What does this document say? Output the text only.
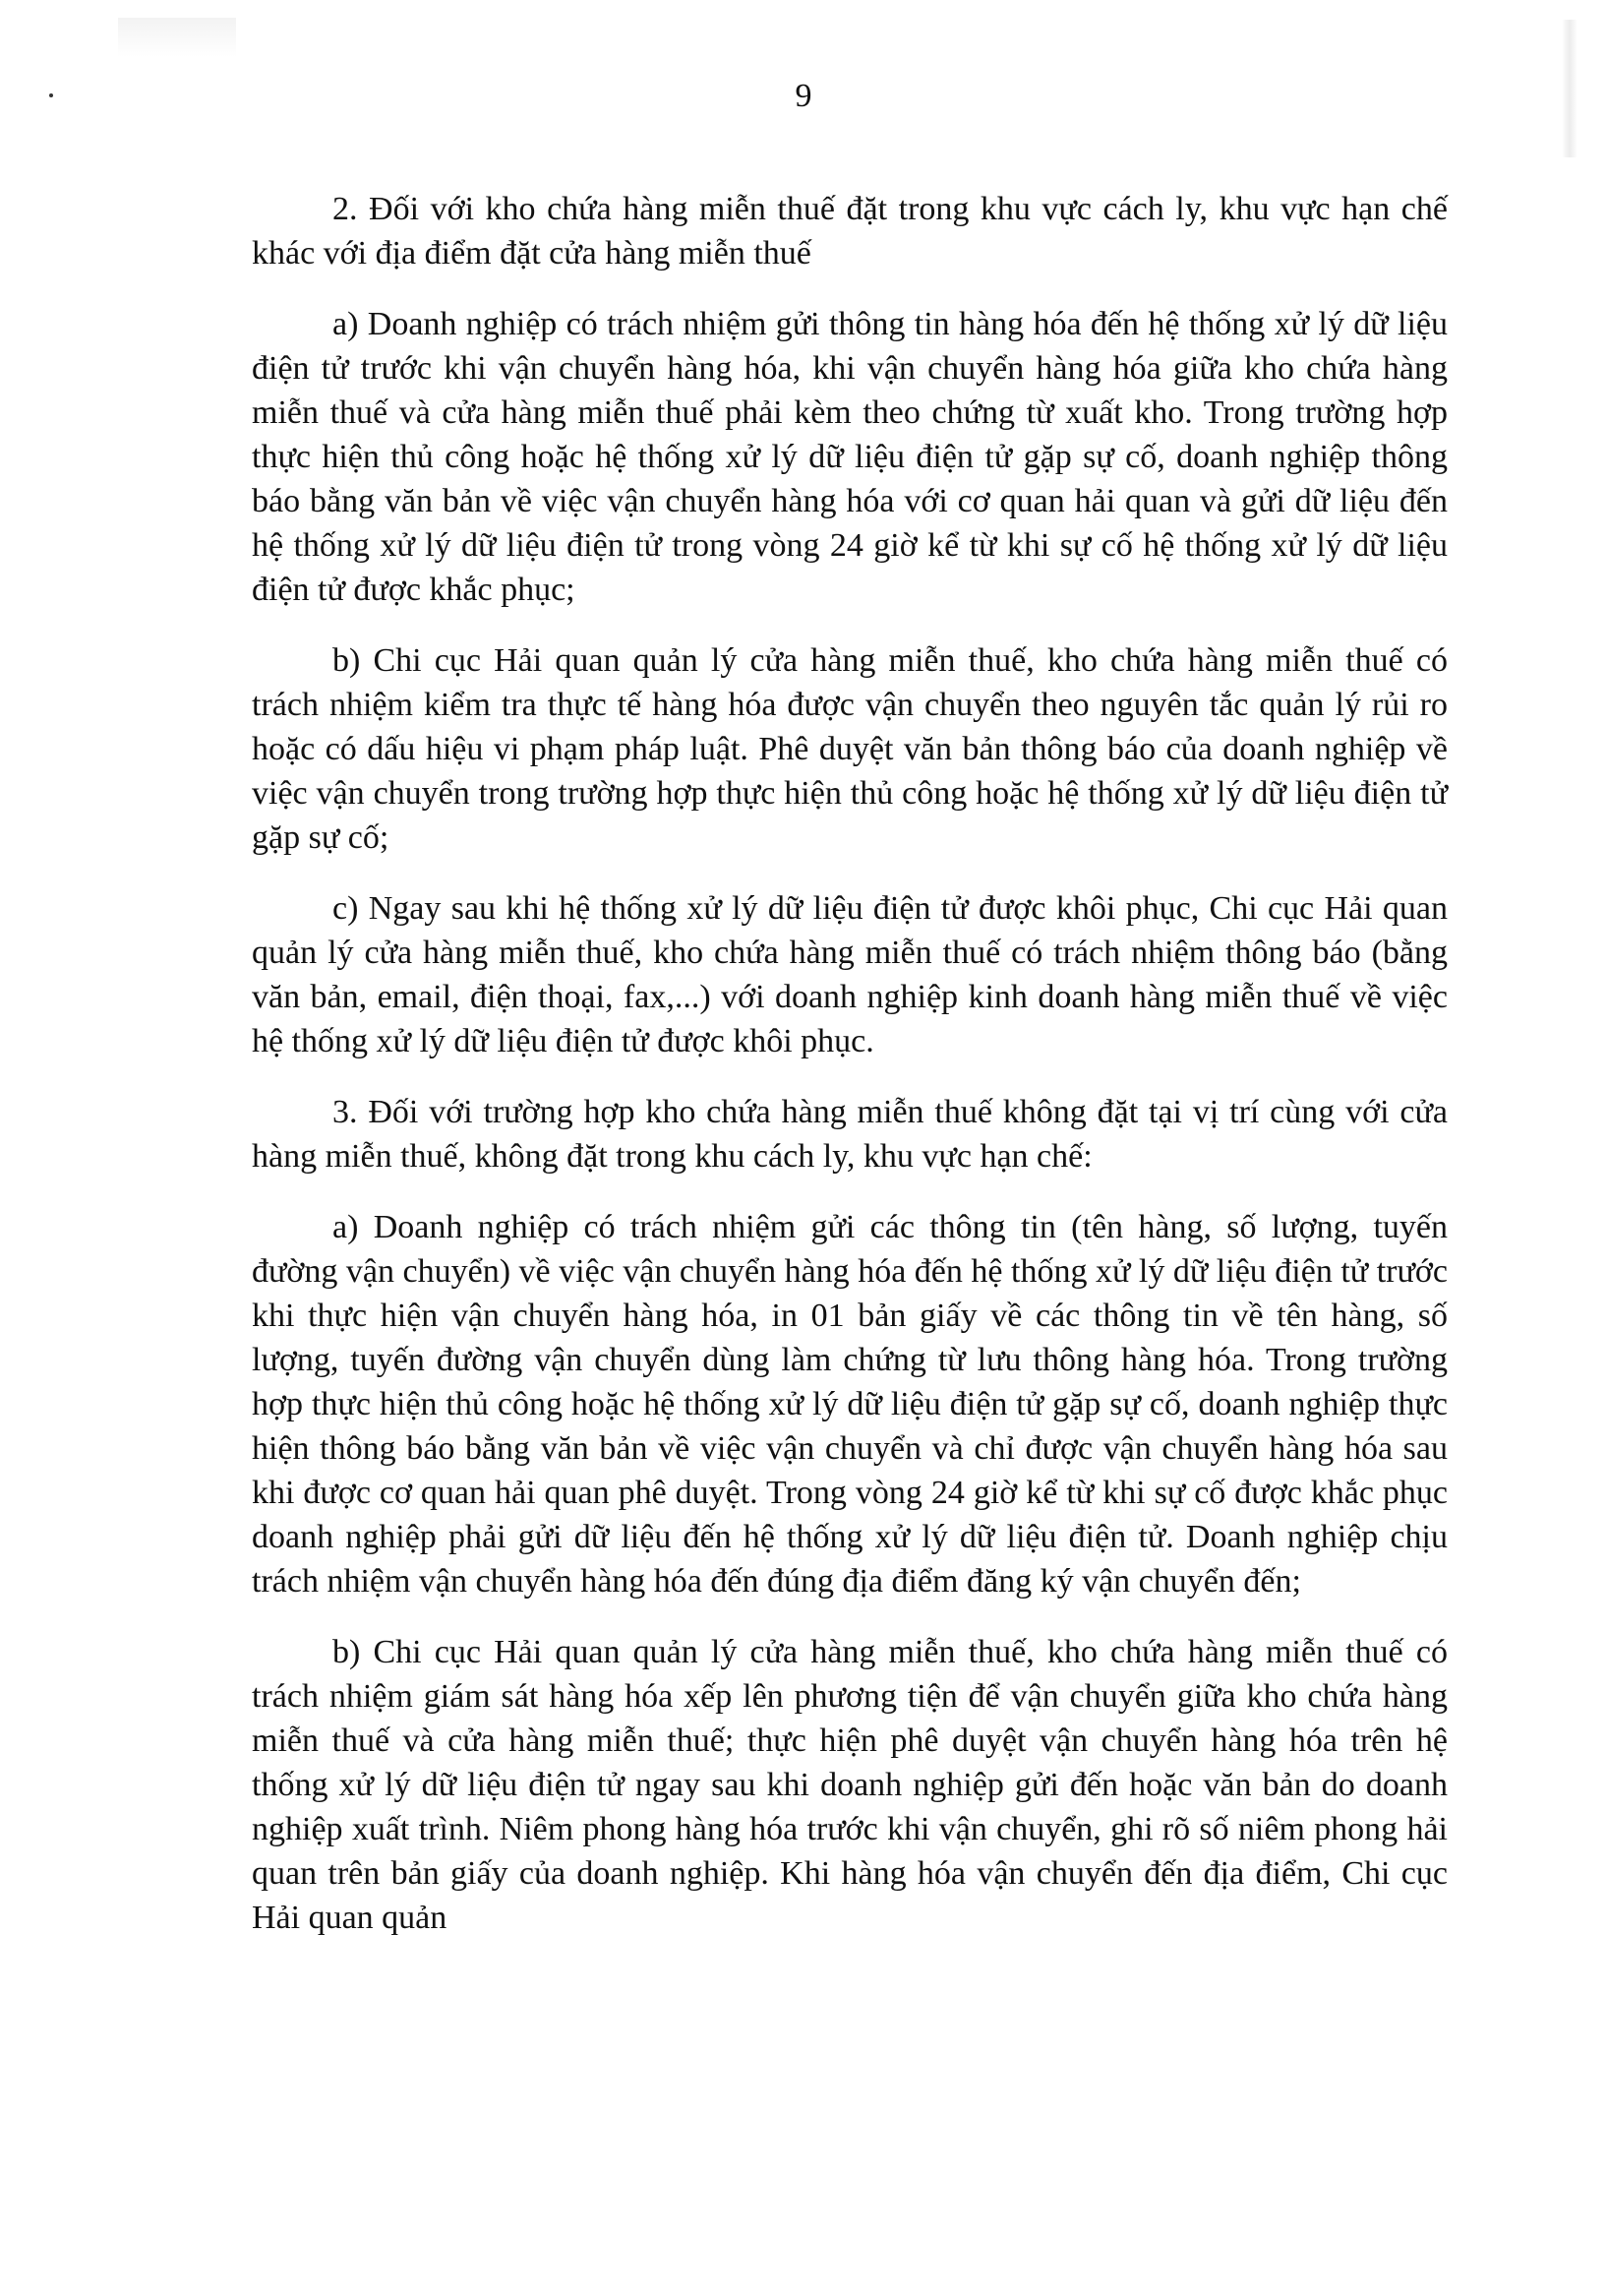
9

2. Đối với kho chứa hàng miễn thuế đặt trong khu vực cách ly, khu vực hạn chế khác với địa điểm đặt cửa hàng miễn thuế

a) Doanh nghiệp có trách nhiệm gửi thông tin hàng hóa đến hệ thống xử lý dữ liệu điện tử trước khi vận chuyển hàng hóa, khi vận chuyển hàng hóa giữa kho chứa hàng miễn thuế và cửa hàng miễn thuế phải kèm theo chứng từ xuất kho. Trong trường hợp thực hiện thủ công hoặc hệ thống xử lý dữ liệu điện tử gặp sự cố, doanh nghiệp thông báo bằng văn bản về việc vận chuyển hàng hóa với cơ quan hải quan và gửi dữ liệu đến hệ thống xử lý dữ liệu điện tử trong vòng 24 giờ kể từ khi sự cố hệ thống xử lý dữ liệu điện tử được khắc phục;

b) Chi cục Hải quan quản lý cửa hàng miễn thuế, kho chứa hàng miễn thuế có trách nhiệm kiểm tra thực tế hàng hóa được vận chuyển theo nguyên tắc quản lý rủi ro hoặc có dấu hiệu vi phạm pháp luật. Phê duyệt văn bản thông báo của doanh nghiệp về việc vận chuyển trong trường hợp thực hiện thủ công hoặc hệ thống xử lý dữ liệu điện tử gặp sự cố;

c) Ngay sau khi hệ thống xử lý dữ liệu điện tử được khôi phục, Chi cục Hải quan quản lý cửa hàng miễn thuế, kho chứa hàng miễn thuế có trách nhiệm thông báo (bằng văn bản, email, điện thoại, fax,...) với doanh nghiệp kinh doanh hàng miễn thuế về việc hệ thống xử lý dữ liệu điện tử được khôi phục.

3. Đối với trường hợp kho chứa hàng miễn thuế không đặt tại vị trí cùng với cửa hàng miễn thuế, không đặt trong khu cách ly, khu vực hạn chế:

a) Doanh nghiệp có trách nhiệm gửi các thông tin (tên hàng, số lượng, tuyến đường vận chuyển) về việc vận chuyển hàng hóa đến hệ thống xử lý dữ liệu điện tử trước khi thực hiện vận chuyển hàng hóa, in 01 bản giấy về các thông tin về tên hàng, số lượng, tuyến đường vận chuyển dùng làm chứng từ lưu thông hàng hóa. Trong trường hợp thực hiện thủ công hoặc hệ thống xử lý dữ liệu điện tử gặp sự cố, doanh nghiệp thực hiện thông báo bằng văn bản về việc vận chuyển và chỉ được vận chuyển hàng hóa sau khi được cơ quan hải quan phê duyệt. Trong vòng 24 giờ kể từ khi sự cố được khắc phục doanh nghiệp phải gửi dữ liệu đến hệ thống xử lý dữ liệu điện tử. Doanh nghiệp chịu trách nhiệm vận chuyển hàng hóa đến đúng địa điểm đăng ký vận chuyển đến;

b) Chi cục Hải quan quản lý cửa hàng miễn thuế, kho chứa hàng miễn thuế có trách nhiệm giám sát hàng hóa xếp lên phương tiện để vận chuyển giữa kho chứa hàng miễn thuế và cửa hàng miễn thuế; thực hiện phê duyệt vận chuyển hàng hóa trên hệ thống xử lý dữ liệu điện tử ngay sau khi doanh nghiệp gửi đến hoặc văn bản do doanh nghiệp xuất trình. Niêm phong hàng hóa trước khi vận chuyển, ghi rõ số niêm phong hải quan trên bản giấy của doanh nghiệp. Khi hàng hóa vận chuyển đến địa điểm, Chi cục Hải quan quản
